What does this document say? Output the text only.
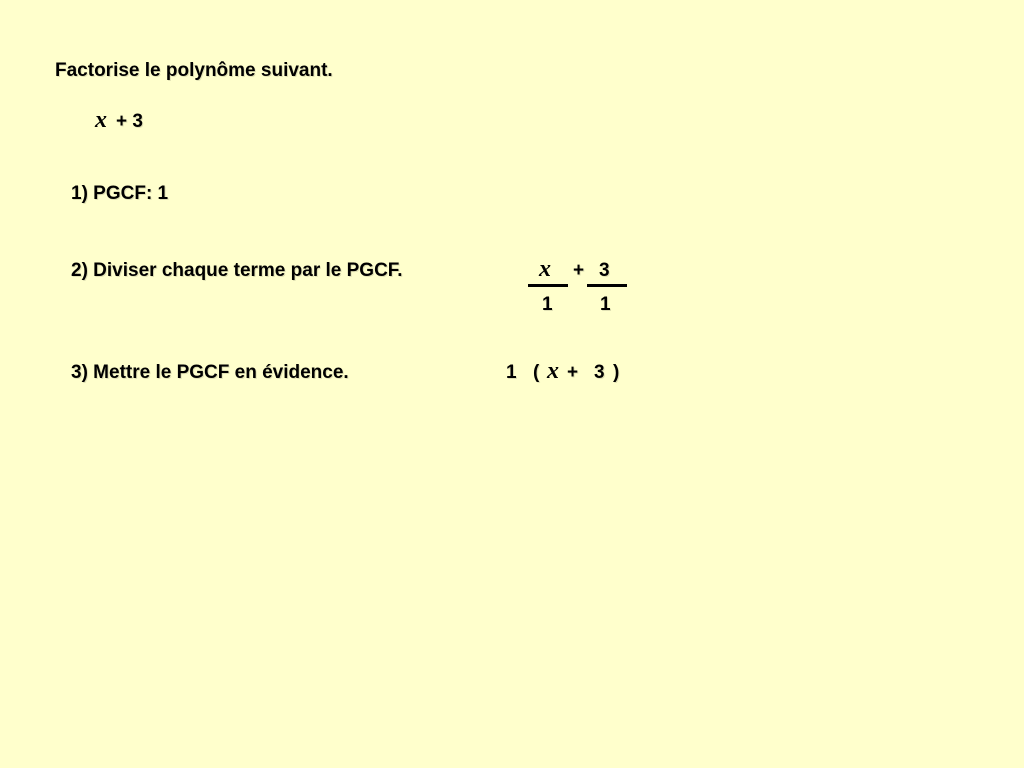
Factorise le polynôme suivant.
x + 3
1) PGCF: 1
2) Diviser chaque terme par le PGCF.	x + 3
1 1
3) Mettre le PGCF en évidence.	1 ( x + 3 )
